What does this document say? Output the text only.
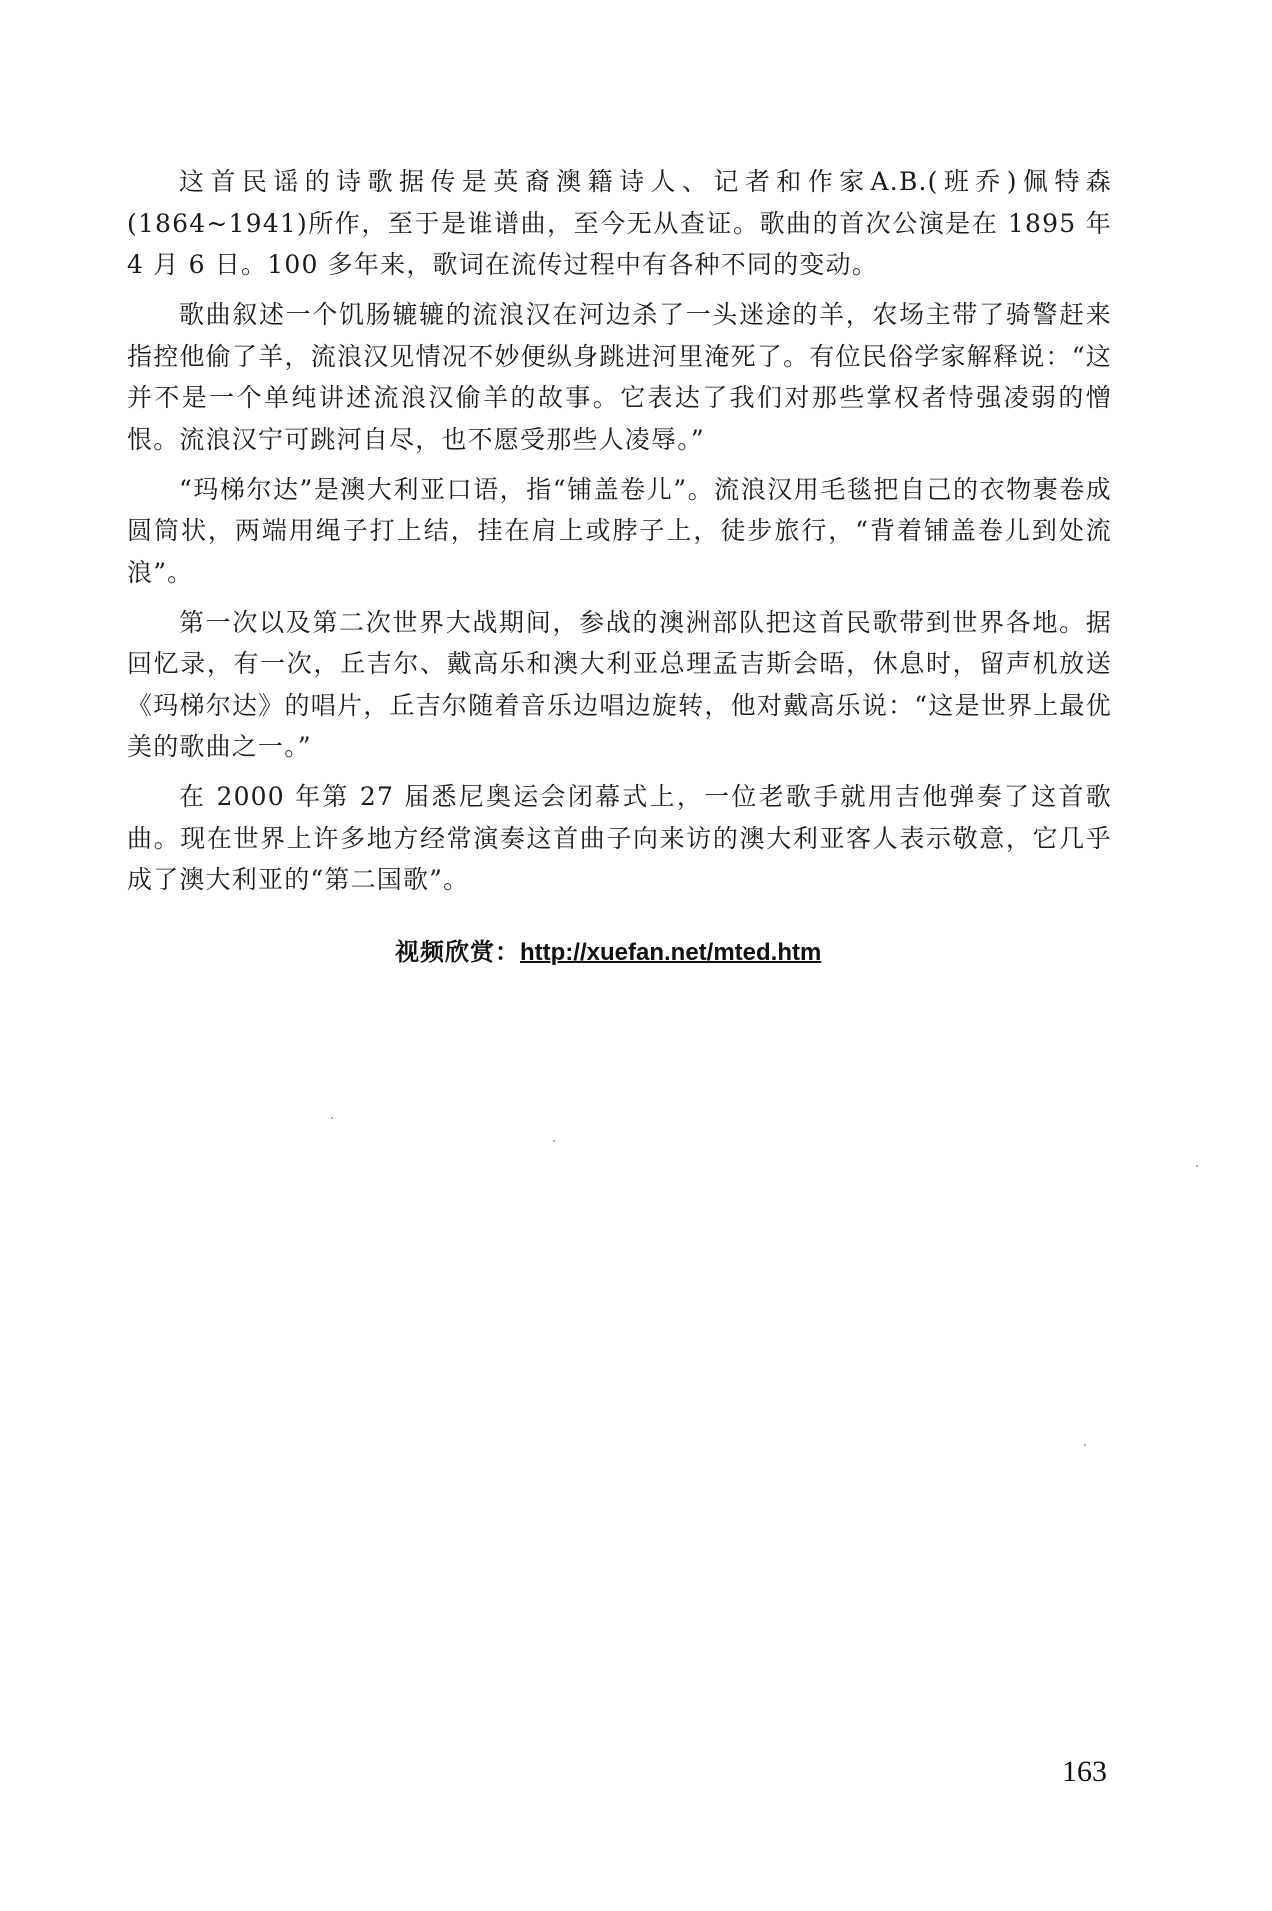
这首民谣的诗歌据传是英裔澳籍诗人、记者和作家A.B.(班乔)佩特森(1864~1941)所作，至于是谁谱曲，至今无从查证。歌曲的首次公演是在 1895 年 4 月 6 日。100 多年来，歌词在流传过程中有各种不同的变动。

歌曲叙述一个饥肠辘辘的流浪汉在河边杀了一头迷途的羊，农场主带了骑警赶来指控他偷了羊，流浪汉见情况不妙便纵身跳进河里淹死了。有位民俗学家解释说：“这并不是一个单纯讲述流浪汉偷羊的故事。它表达了我们对那些掌权者恃强凌弱的憎恨。流浪汉宁可跳河自尽，也不愿受那些人凌辱。”

“玛梯尔达”是澳大利亚口语，指“铺盖卷儿”。流浪汉用毛毯把自己的衣物裹卷成圆筒状，两端用绳子打上结，挂在肩上或脖子上，徒步旅行，“背着铺盖卷儿到处流浪”。

第一次以及第二次世界大战期间，参战的澳洲部队把这首民歌带到世界各地。据回忆录，有一次，丘吉尔、戴高乐和澳大利亚总理孟吉斯会晤，休息时，留声机放送《玛梯尔达》的唱片，丘吉尔随着音乐边唱边旋转，他对戴高乐说：“这是世界上最优美的歌曲之一。”

在 2000 年第 27 届悉尼奥运会闭幕式上，一位老歌手就用吉他弹奏了这首歌曲。现在世界上许多地方经常演奏这首曲子向来访的澳大利亚客人表示敬意，它几乎成了澳大利亚的“第二国歌”。

视频欣赏：http://xuefan.net/mted.htm
163
